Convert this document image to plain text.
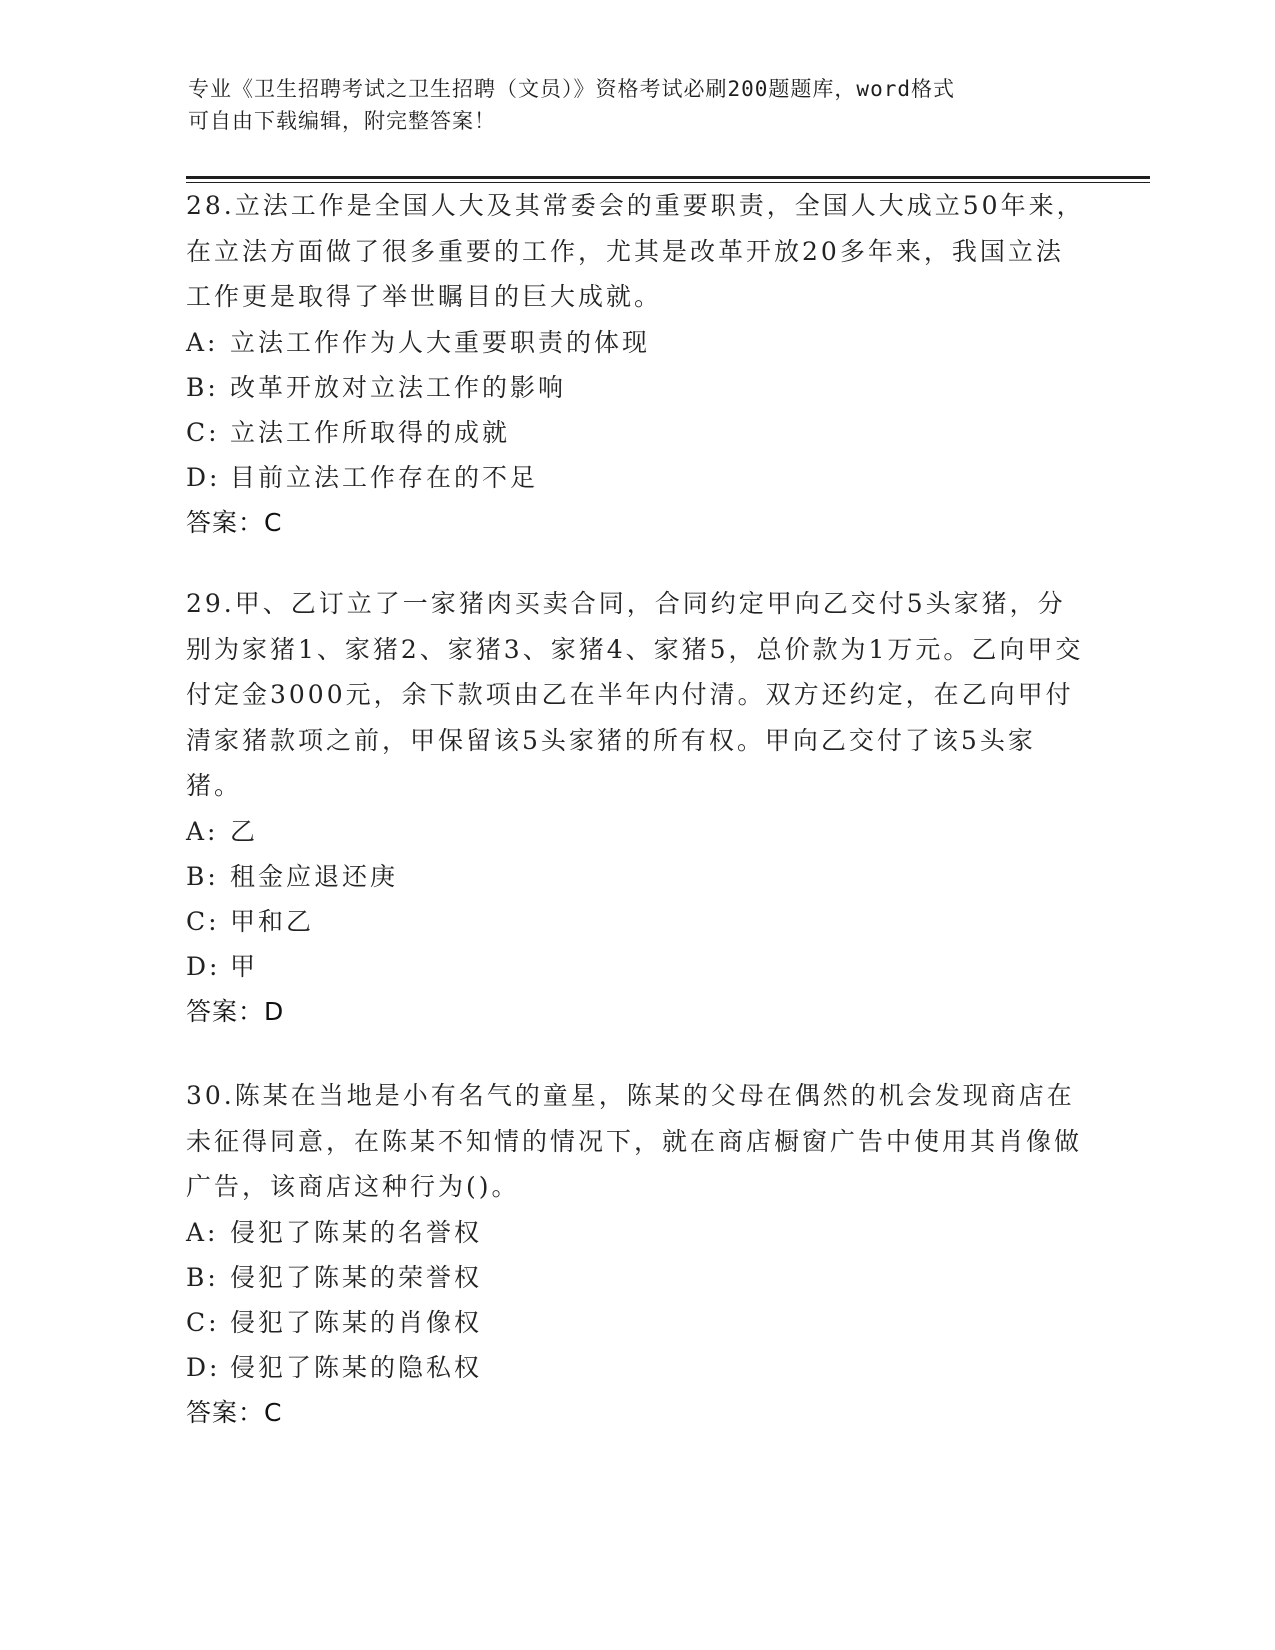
专业《卫生招聘考试之卫生招聘（文员）》资格考试必刷200题题库，word格式
可自由下载编辑，附完整答案！

28.立法工作是全国人大及其常委会的重要职责，全国人大成立50年来，在立法方面做了很多重要的工作，尤其是改革开放20多年来，我国立法工作更是取得了举世瞩目的巨大成就。

A: 立法工作作为人大重要职责的体现

B: 改革开放对立法工作的影响

C: 立法工作所取得的成就

D: 目前立法工作存在的不足

答案：C

29.甲、乙订立了一家猪肉买卖合同，合同约定甲向乙交付5头家猪，分别为家猪1、家猪2、家猪3、家猪4、家猪5，总价款为1万元。乙向甲交付定金3000元，余下款项由乙在半年内付清。双方还约定，在乙向甲付清家猪款项之前，甲保留该5头家猪的所有权。甲向乙交付了该5头家猪。

A: 乙

B: 租金应退还庚

C: 甲和乙

D: 甲

答案：D

30.陈某在当地是小有名气的童星，陈某的父母在偶然的机会发现商店在未征得同意，在陈某不知情的情况下，就在商店橱窗广告中使用其肖像做广告，该商店这种行为()。

A: 侵犯了陈某的名誉权

B: 侵犯了陈某的荣誉权

C: 侵犯了陈某的肖像权

D: 侵犯了陈某的隐私权

答案：C
